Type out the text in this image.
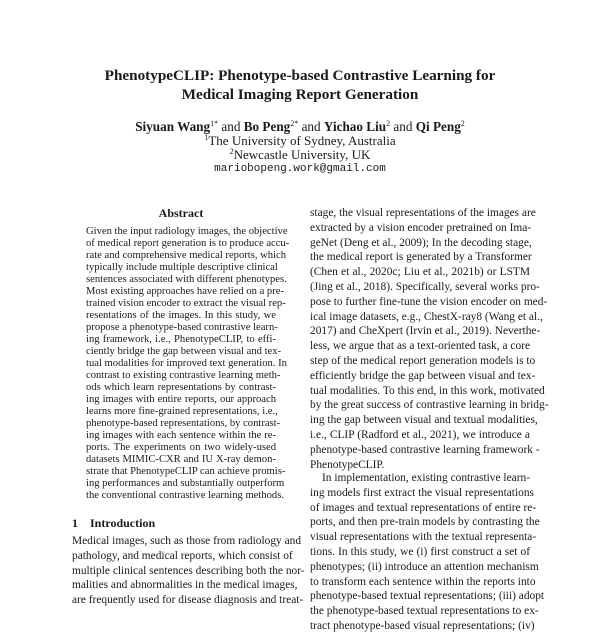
PhenotypeCLIP: Phenotype-based Contrastive Learning for
Medical Imaging Report Generation
Siyuan Wang$^{1*}$ and Bo Peng$^{2*}$ and Yichao Liu$^2$ and Qi Peng$^2$
$^1$The University of Sydney, Australia
$^2$Newcastle University, UK
mariobopeng.work@gmail.com
Abstract
Given the input radiology images, the objective
of medical report generation is to produce accu-
rate and comprehensive medical reports, which
typically include multiple descriptive clinical
sentences associated with different phenotypes.
Most existing approaches have relied on a pre-
trained vision encoder to extract the visual rep-
resentations of the images. In this study, we
propose a phenotype-based contrastive learn-
ing framework, i.e., PhenotypeCLIP, to effi-
ciently bridge the gap between visual and tex-
tual modalities for improved text generation. In
contrast to existing contrastive learning meth-
ods which learn representations by contrast-
ing images with entire reports, our approach
learns more fine-grained representations, i.e.,
phenotype-based representations, by contrast-
ing images with each sentence within the re-
ports. The experiments on two widely-used
datasets MIMIC-CXR and IU X-ray demon-
strate that PhenotypeCLIP can achieve promis-
ing performances and substantially outperform
the conventional contrastive learning methods.
1 Introduction
Medical images, such as those from radiology and
pathology, and medical reports, which consist of
multiple clinical sentences describing both the nor-
malities and abnormalities in the medical images,
are frequently used for disease diagnosis and treat-
stage, the visual representations of the images are
extracted by a vision encoder pretrained on Ima-
geNet (Deng et al., 2009); In the decoding stage,
the medical report is generated by a Transformer
(Chen et al., 2020c; Liu et al., 2021b) or LSTM
(Jing et al., 2018). Specifically, several works pro-
pose to further fine-tune the vision encoder on med-
ical image datasets, e.g., ChestX-ray8 (Wang et al.,
2017) and CheXpert (Irvin et al., 2019). Neverthe-
less, we argue that as a text-oriented task, a core
step of the medical report generation models is to
efficiently bridge the gap between visual and tex-
tual modalities. To this end, in this work, motivated
by the great success of contrastive learning in bridg-
ing the gap between visual and textual modalities,
i.e., CLIP (Radford et al., 2021), we introduce a
phenotype-based contrastive learning framework -
PhenotypeCLIP.
In implementation, existing contrastive learn-
ing models first extract the visual representations
of images and textual representations of entire re-
ports, and then pre-train models by contrasting the
visual representations with the textual representa-
tions. In this study, we (i) first construct a set of
phenotypes; (ii) introduce an attention mechanism
to transform each sentence within the reports into
phenotype-based textual representations; (iii) adopt
the phenotype-based textual representations to ex-
tract phenotype-based visual representations; (iv)
